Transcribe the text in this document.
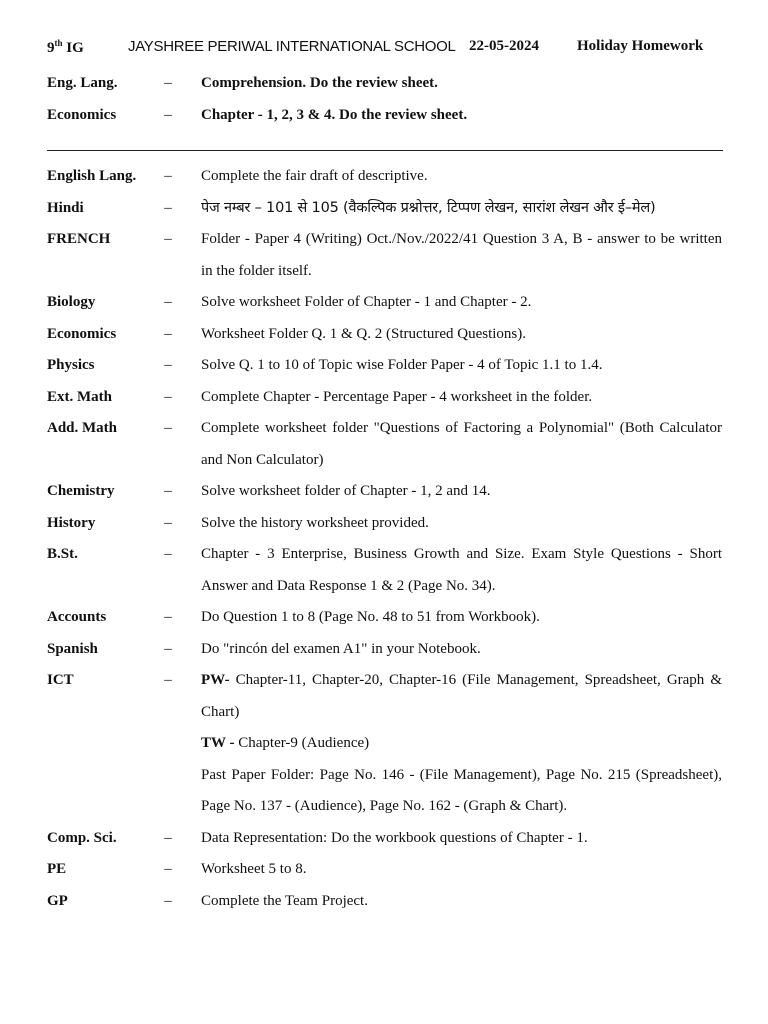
9th IG	JAYSHREE PERIWAL INTERNATIONAL SCHOOL 22-05-2024	Holiday Homework
Eng. Lang.	– Comprehension. Do the review sheet.
Economics	– Chapter - 1, 2, 3 & 4. Do the review sheet.
English Lang.	– Complete the fair draft of descriptive.
Hindi	– पेज नम्बर – 101 से 105 (वैकल्पिक प्रश्नोत्तर, टिप्पण लेखन, सारांश लेखन और ई–मेल)
FRENCH	– Folder - Paper 4 (Writing) Oct./Nov./2022/41 Question 3 A, B - answer to be written in the folder itself.
Biology	– Solve worksheet Folder of Chapter - 1 and Chapter - 2.
Economics	– Worksheet Folder Q. 1 & Q. 2 (Structured Questions).
Physics	– Solve Q. 1 to 10 of Topic wise Folder Paper - 4 of Topic 1.1 to 1.4.
Ext. Math	– Complete Chapter - Percentage Paper - 4 worksheet in the folder.
Add. Math	– Complete worksheet folder "Questions of Factoring a Polynomial" (Both Calculator and Non Calculator)
Chemistry	– Solve worksheet folder of Chapter - 1, 2 and 14.
History	– Solve the history worksheet provided.
B.St.	– Chapter - 3 Enterprise, Business Growth and Size. Exam Style Questions - Short Answer and Data Response 1 & 2 (Page No. 34).
Accounts	– Do Question 1 to 8 (Page No. 48 to 51 from Workbook).
Spanish	– Do "rincón del examen A1" in your Notebook.
ICT	– PW- Chapter-11, Chapter-20, Chapter-16 (File Management, Spreadsheet, Graph & Chart)
TW - Chapter-9 (Audience)
Past Paper Folder: Page No. 146 - (File Management), Page No. 215 (Spreadsheet), Page No. 137 - (Audience), Page No. 162 - (Graph & Chart).
Comp. Sci.	– Data Representation: Do the workbook questions of Chapter - 1.
PE	– Worksheet 5 to 8.
GP	– Complete the Team Project.
